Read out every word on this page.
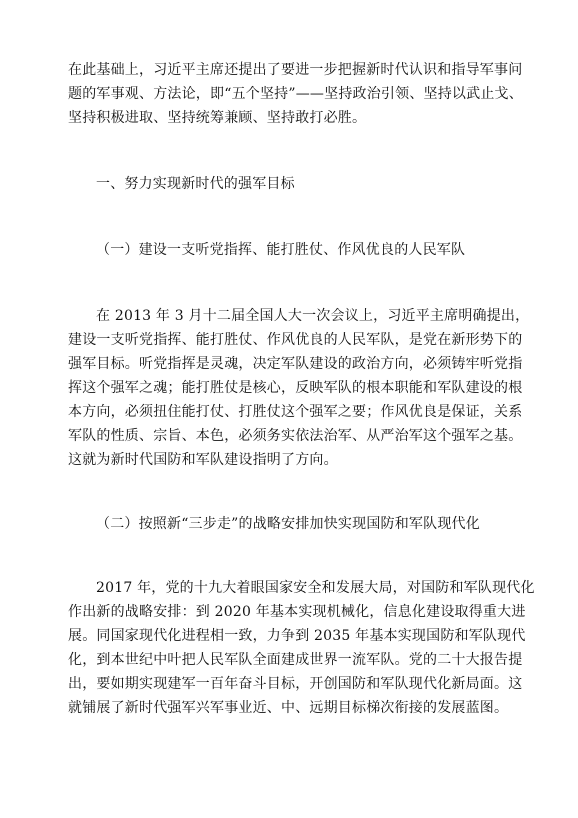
在此基础上，习近平主席还提出了要进一步把握新时代认识和指导军事问
题的军事观、方法论，即“五个坚持”——坚持政治引领、坚持以武止戈、
坚持积极进取、坚持统筹兼顾、坚持敢打必胜。
一、努力实现新时代的强军目标
（一）建设一支听党指挥、能打胜仗、作风优良的人民军队
在 2013 年 3 月十二届全国人大一次会议上，习近平主席明确提出，
建设一支听党指挥、能打胜仗、作风优良的人民军队，是党在新形势下的
强军目标。听党指挥是灵魂，决定军队建设的政治方向，必须铸牢听党指
挥这个强军之魂；能打胜仗是核心，反映军队的根本职能和军队建设的根
本方向，必须扭住能打仗、打胜仗这个强军之要；作风优良是保证，关系
军队的性质、宗旨、本色，必须务实依法治军、从严治军这个强军之基。
这就为新时代国防和军队建设指明了方向。
（二）按照新“三步走”的战略安排加快实现国防和军队现代化
2017 年，党的十九大着眼国家安全和发展大局，对国防和军队现代化
作出新的战略安排：到 2020 年基本实现机械化，信息化建设取得重大进
展。同国家现代化进程相一致，力争到 2035 年基本实现国防和军队现代
化，到本世纪中叶把人民军队全面建成世界一流军队。党的二十大报告提
出，要如期实现建军一百年奋斗目标，开创国防和军队现代化新局面。这
就铺展了新时代强军兴军事业近、中、远期目标梯次衔接的发展蓝图。
